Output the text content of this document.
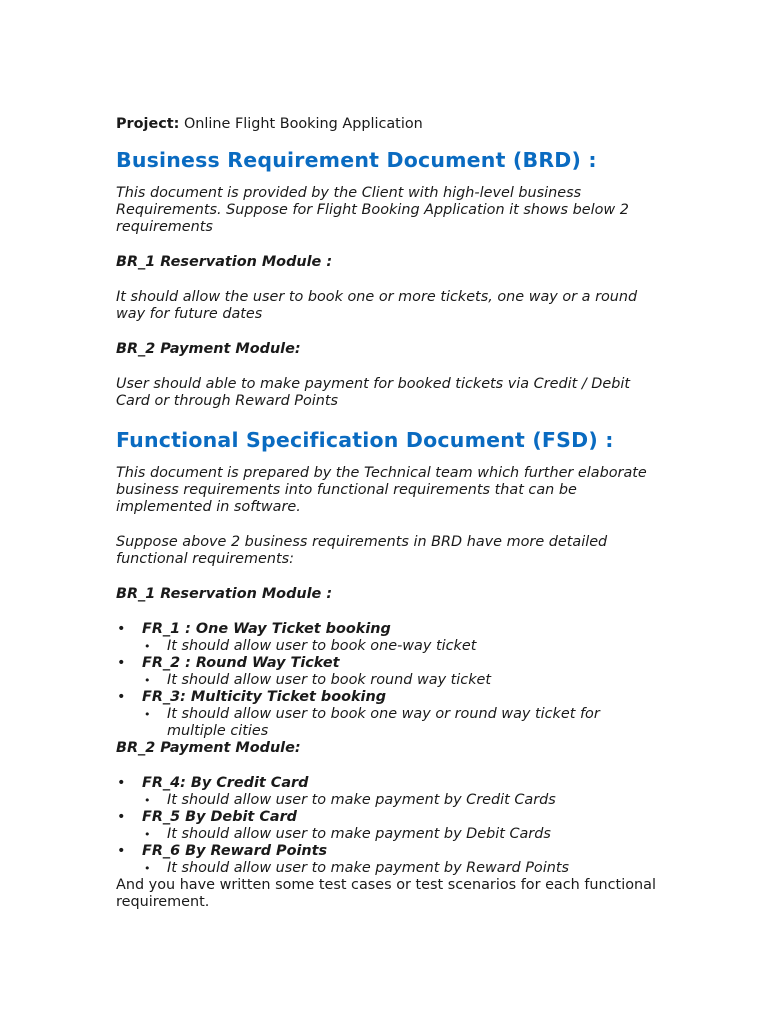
Project: Online Flight Booking Application

Business Requirement Document (BRD) :

This document is provided by the Client with high-level business Requirements. Suppose for Flight Booking Application it shows below 2 requirements

BR_1 Reservation Module :

It should allow the user to book one or more tickets, one way or a round way for future dates

BR_2 Payment Module:

User should able to make payment for booked tickets via Credit / Debit Card or through Reward Points

Functional Specification Document (FSD) :

This document is prepared by the Technical team which further elaborate business requirements into functional requirements that can be implemented in software.

Suppose above 2 business requirements in BRD have more detailed functional requirements:

BR_1 Reservation Module :

• FR_1 : One Way Ticket booking
• It should allow user to book one-way ticket
• FR_2 : Round Way Ticket
• It should allow user to book round way ticket
• FR_3: Multicity Ticket booking
• It should allow user to book one way or round way ticket for multiple cities

BR_2 Payment Module:

• FR_4: By Credit Card
• It should allow user to make payment by Credit Cards
• FR_5 By Debit Card
• It should allow user to make payment by Debit Cards
• FR_6 By Reward Points
• It should allow user to make payment by Reward Points

And you have written some test cases or test scenarios for each functional requirement.
